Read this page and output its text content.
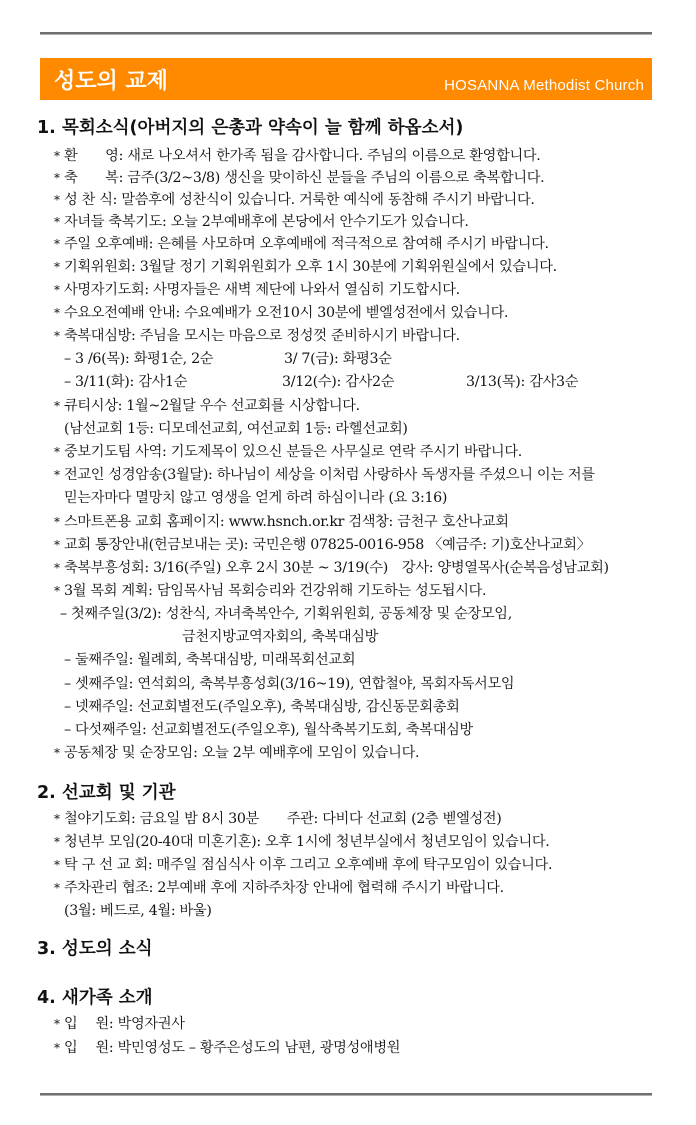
성도의 교제	HOSANNA Methodist Church
1. 목회소식(아버지의 은총과 약속이 늘 함께 하옵소서)
* 환　　영: 새로 나오셔서 한가족 됨을 감사합니다. 주님의 이름으로 환영합니다.
* 축　　복: 금주(3/2~3/8) 생신을 맞이하신 분들을 주님의 이름으로 축복합니다.
* 성 찬 식: 말씀후에 성찬식이 있습니다. 거룩한 예식에 동참해 주시기 바랍니다.
* 자녀들 축복기도: 오늘 2부예배후에 본당에서 안수기도가 있습니다.
* 주일 오후예배: 은혜를 사모하며 오후예배에 적극적으로 참여해 주시기 바랍니다.
* 기획위원회: 3월달 정기 기획위원회가 오후 1시 30분에 기획위원실에서 있습니다.
* 사명자기도회: 사명자들은 새벽 제단에 나와서 열심히 기도합시다.
* 수요오전예배 안내: 수요예배가 오전10시 30분에 벧엘성전에서 있습니다.
* 축복대심방: 주님을 모시는 마음으로 정성껏 준비하시기 바랍니다.
– 3 /6(목): 화평1순, 2순	3/ 7(금): 화평3순
– 3/11(화): 감사1순	3/12(수): 감사2순	3/13(목): 감사3순
* 큐티시상: 1월~2월달 우수 선교회를 시상합니다.
(남선교회 1등: 디모데선교회, 여선교회 1등: 라헬선교회)
* 중보기도팀 사역: 기도제목이 있으신 분들은 사무실로 연락 주시기 바랍니다.
* 전교인 성경암송(3월달): 하나님이 세상을 이처럼 사랑하사 독생자를 주셨으니 이는 저를
믿는자마다 멸망치 않고 영생을 얻게 하려 하심이니라 (요 3:16)
* 스마트폰용 교회 홈페이지: www.hsnch.or.kr 검색창: 금천구 호산나교회
* 교회 통장안내(헌금보내는 곳): 국민은행 07825-0016-958 〈예금주: 기)호산나교회〉
* 축복부흥성회: 3/16(주일) 오후 2시 30분 ~ 3/19(수)　강사: 양병열목사(순복음성남교회)
* 3월 목회 계획: 담임목사님 목회승리와 건강위해 기도하는 성도됩시다.
– 첫째주일(3/2): 성찬식, 자녀축복안수, 기획위원회, 공동체장 및 순장모임,
금천지방교역자회의, 축복대심방
– 둘째주일: 월례회, 축복대심방, 미래목회선교회
– 셋째주일: 연석회의, 축복부흥성회(3/16~19), 연합철야, 목회자독서모임
– 넷째주일: 선교회별전도(주일오후), 축복대심방, 감신동문회총회
– 다섯째주일: 선교회별전도(주일오후), 월삭축복기도회, 축복대심방
* 공동체장 및 순장모임: 오늘 2부 예배후에 모임이 있습니다.
2. 선교회 및 기관
* 철야기도회: 금요일 밤 8시 30분　　주관: 다비다 선교회 (2층 벧엘성전)
* 청년부 모임(20-40대 미혼기혼): 오후 1시에 청년부실에서 청년모임이 있습니다.
* 탁 구 선 교 회: 매주일 점심식사 이후 그리고 오후예배 후에 탁구모임이 있습니다.
* 주차관리 협조: 2부예배 후에 지하주차장 안내에 협력해 주시기 바랍니다.
(3월: 베드로, 4월: 바울)
3. 성도의 소식
4. 새가족 소개
* 입　 원: 박영자권사
* 입　 원: 박민영성도 – 황주은성도의 남편, 광명성애병원
